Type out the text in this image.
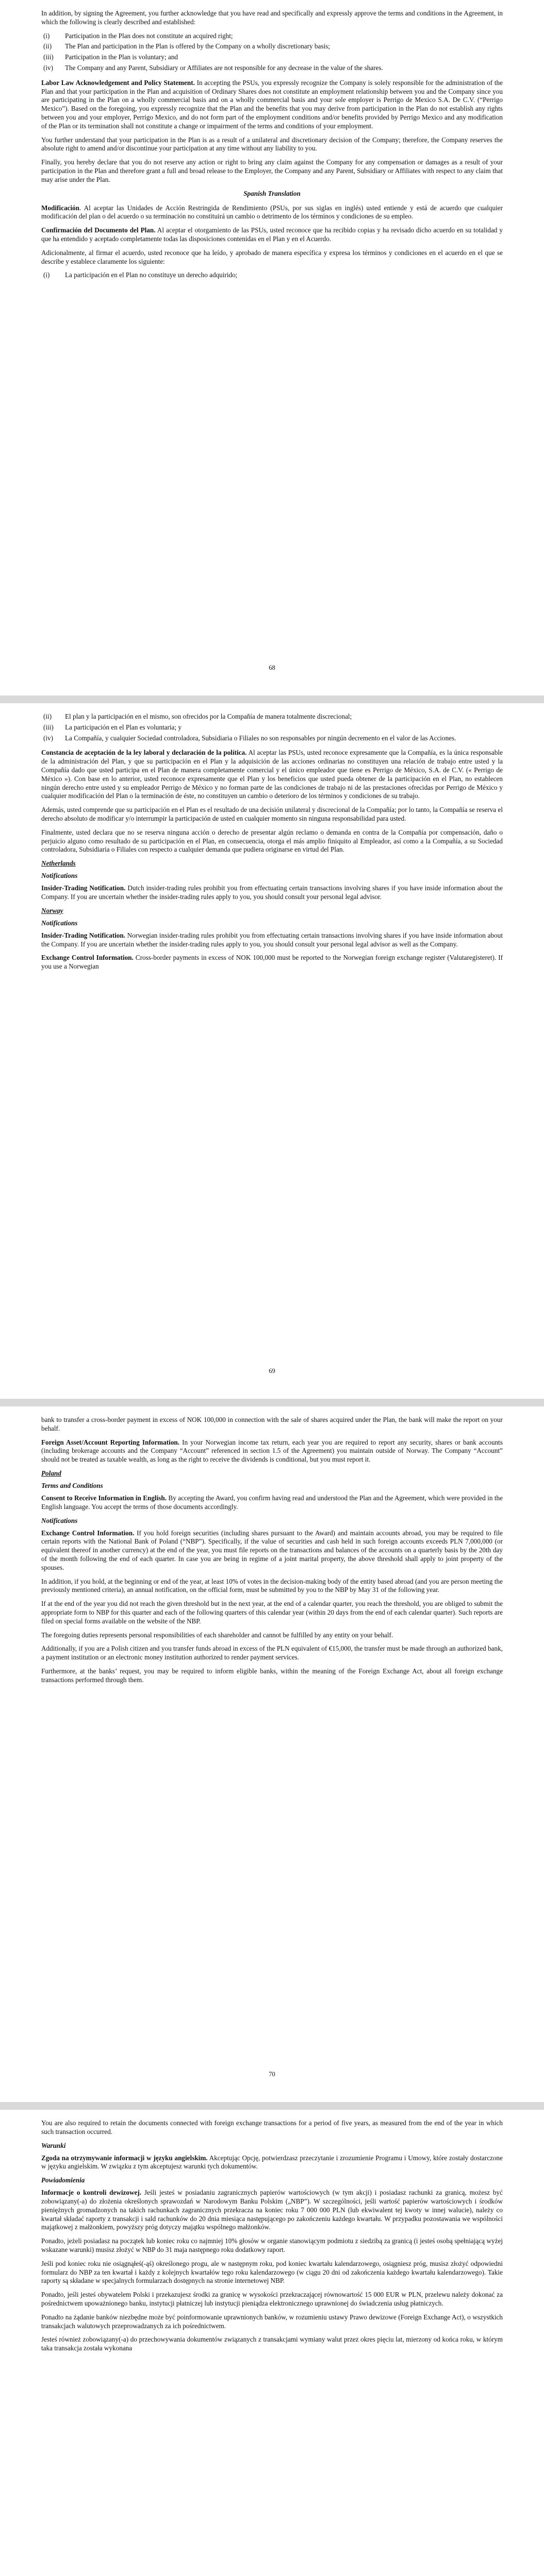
In addition, by signing the Agreement, you further acknowledge that you have read and specifically and expressly approve the terms and conditions in the Agreement, in which the following is clearly described and established:

(i)	Participation in the Plan does not constitute an acquired right;
(ii)	The Plan and participation in the Plan is offered by the Company on a wholly discretionary basis;
(iii)	Participation in the Plan is voluntary; and
(iv)	The Company and any Parent, Subsidiary or Affiliates are not responsible for any decrease in the value of the shares.

Labor Law Acknowledgement and Policy Statement. In accepting the PSUs, you expressly recognize the Company is solely responsible for the administration of the Plan and that your participation in the Plan and acquisition of Ordinary Shares does not constitute an employment relationship between you and the Company since you are participating in the Plan on a wholly commercial basis and on a wholly commercial basis and your sole employer is Perrigo de Mexico S.A. De C.V. (“Perrigo Mexico”). Based on the foregoing, you expressly recognize that the Plan and the benefits that you may derive from participation in the Plan do not establish any rights between you and your employer, Perrigo Mexico, and do not form part of the employment conditions and/or benefits provided by Perrigo Mexico and any modification of the Plan or its termination shall not constitute a change or impairment of the terms and conditions of your employment.

You further understand that your participation in the Plan is as a result of a unilateral and discretionary decision of the Company; therefore, the Company reserves the absolute right to amend and/or discontinue your participation at any time without any liability to you.

Finally, you hereby declare that you do not reserve any action or right to bring any claim against the Company for any compensation or damages as a result of your participation in the Plan and therefore grant a full and broad release to the Employer, the Company and any Parent, Subsidiary or Affiliates with respect to any claim that may arise under the Plan.

Spanish Translation

Modificación. Al aceptar las Unidades de Acción Restringida de Rendimiento (PSUs, por sus siglas en inglés) usted entiende y está de acuerdo que cualquier modificación del plan o del acuerdo o su terminación no constituirá un cambio o detrimento de los términos y condiciones de su empleo.

Confirmación del Documento del Plan. Al aceptar el otorgamiento de las PSUs, usted reconoce que ha recibido copias y ha revisado dicho acuerdo en su totalidad y que ha entendido y aceptado completamente todas las disposiciones contenidas en el Plan y en el Acuerdo.

Adicionalmente, al firmar el acuerdo, usted reconoce que ha leído, y aprobado de manera específica y expresa los términos y condiciones en el acuerdo en el que se describe y establece claramente los siguiente:

(i)	La participación en el Plan no constituye un derecho adquirido;
68
(ii)	El plan y la participación en el mismo, son ofrecidos por la Compañía de manera totalmente discrecional;
(iii)	La participación en el Plan es voluntaria; y
(iv)	La Compañía, y cualquier Sociedad controladora, Subsidiaria o Filiales no son responsables por ningún decremento en el valor de las Acciones.

Constancia de aceptación de la ley laboral y declaración de la política. Al aceptar las PSUs, usted reconoce expresamente que la Compañía, es la única responsable de la administración del Plan, y que su participación en el Plan y la adquisición de las acciones ordinarias no constituyen una relación de trabajo entre usted y la Compañía dado que usted participa en el Plan de manera completamente comercial y el único empleador que tiene es Perrigo de México, S.A. de C.V. (« Perrigo de México »). Con base en lo anterior, usted reconoce expresamente que el Plan y los beneficios que usted pueda obtener de la participación en el Plan, no establecen ningún derecho entre usted y su empleador Perrigo de México y no forman parte de las condiciones de trabajo ni de las prestaciones ofrecidas por Perrigo de México y cualquier modificación del Plan o la terminación de éste, no constituyen un cambio o deterioro de los términos y condiciones de su trabajo.

Además, usted comprende que su participación en el Plan es el resultado de una decisión unilateral y discrecional de la Compañía; por lo tanto, la Compañía se reserva el derecho absoluto de modificar y/o interrumpir la participación de usted en cualquier momento sin ninguna responsabilidad para usted.

Finalmente, usted declara que no se reserva ninguna acción o derecho de presentar algún reclamo o demanda en contra de la Compañía por compensación, daño o perjuicio alguno como resultado de su participación en el Plan, en consecuencia, otorga el más amplio finiquito al Empleador, así como a la Compañía, a su Sociedad controladora, Subsidiaria o Filiales con respecto a cualquier demanda que pudiera originarse en virtud del Plan.

Netherlands
Notifications

Insider-Trading Notification. Dutch insider-trading rules prohibit you from effectuating certain transactions involving shares if you have inside information about the Company. If you are uncertain whether the insider-trading rules apply to you, you should consult your personal legal advisor.

Norway
Notifications

Insider-Trading Notification. Norwegian insider-trading rules prohibit you from effectuating certain transactions involving shares if you have inside information about the Company. If you are uncertain whether the insider-trading rules apply to you, you should consult your personal legal advisor as well as the Company.

Exchange Control Information. Cross-border payments in excess of NOK 100,000 must be reported to the Norwegian foreign exchange register (Valutaregisteret). If you use a Norwegian

69

bank to transfer a cross-border payment in excess of NOK 100,000 in connection with the sale of shares acquired under the Plan, the bank will make the report on your behalf.

Foreign Asset/Account Reporting Information. In your Norwegian income tax return, each year you are required to report any security, shares or bank accounts (including brokerage accounts and the Company “Account” referenced in section 1.5 of the Agreement) you maintain outside of Norway. The Company “Account” should not be treated as taxable wealth, as long as the right to receive the dividends is conditional, but you must report it.

Poland
Terms and Conditions

Consent to Receive Information in English. By accepting the Award, you confirm having read and understood the Plan and the Agreement, which were provided in the English language. You accept the terms of those documents accordingly.

Notifications

Exchange Control Information. If you hold foreign securities (including shares pursuant to the Award) and maintain accounts abroad, you may be required to file certain reports with the National Bank of Poland (“NBP”). Specifically, if the value of securities and cash held in such foreign accounts exceeds PLN 7,000,000 (or equivalent thereof in another currency) at the end of the year, you must file reports on the transactions and balances of the accounts on a quarterly basis by the 20th day of the month following the end of each quarter. In case you are being in regime of a joint marital property, the above threshold shall apply to joint property of the spouses.

In addition, if you hold, at the beginning or end of the year, at least 10% of votes in the decision-making body of the entity based abroad (and you are person meeting the previously mentioned criteria), an annual notification, on the official form, must be submitted by you to the NBP by May 31 of the following year.

If at the end of the year you did not reach the given threshold but in the next year, at the end of a calendar quarter, you reach the threshold, you are obliged to submit the appropriate form to NBP for this quarter and each of the following quarters of this calendar year (within 20 days from the end of each calendar quarter). Such reports are filed on special forms available on the website of the NBP.

The foregoing duties represents personal responsibilities of each shareholder and cannot be fulfilled by any entity on your behalf.

Additionally, if you are a Polish citizen and you transfer funds abroad in excess of the PLN equivalent of €15,000, the transfer must be made through an authorized bank, a payment institution or an electronic money institution authorized to render payment services.

Furthermore, at the banks’ request, you may be required to inform eligible banks, within the meaning of the Foreign Exchange Act, about all foreign exchange transactions performed through them.

70

You are also required to retain the documents connected with foreign exchange transactions for a period of five years, as measured from the end of the year in which such transaction occurred.

Warunki

Zgoda na otrzymywanie informacji w języku angielskim. Akceptując Opcję, potwierdzasz przeczytanie i zrozumienie Programu i Umowy, które zostały dostarczone w języku angielskim. W związku z tym akceptujesz warunki tych dokumentów.

Powiadomienia

Informacje o kontroli dewizowej. Jeśli jesteś w posiadaniu zagranicznych papierów wartościowych (w tym akcji) i posiadasz rachunki za granicą, możesz być zobowiązany(-a) do złożenia określonych sprawozdań w Narodowym Banku Polskim („NBP”). W szczególności, jeśli wartość papierów wartościowych i środków pieniężnych gromadzonych na takich rachunkach zagranicznych przekracza na koniec roku 7 000 000 PLN (lub ekwiwalent tej kwoty w innej walucie), należy co kwartał składać raporty z transakcji i sald rachunków do 20 dnia miesiąca następującego po zakończeniu każdego kwartału. W przypadku pozostawania we wspólności majątkowej z małżonkiem, powyższy próg dotyczy majątku wspólnego małżonków.

Ponadto, jeżeli posiadasz na początek lub koniec roku co najmniej 10% głosów w organie stanowiącym podmiotu z siedzibą za granicą (i jesteś osobą spełniającą wyżej wskazane warunki) musisz złożyć w NBP do 31 maja następnego roku dodatkowy raport.

Jeśli pod koniec roku nie osiągnąłeś(-ąś) określonego progu, ale w następnym roku, pod koniec kwartału kalendarzowego, osiągniesz próg, musisz złożyć odpowiedni formularz do NBP za ten kwartał i każdy z kolejnych kwartałów tego roku kalendarzowego (w ciągu 20 dni od zakończenia każdego kwartału kalendarzowego). Takie raporty są składane w specjalnych formularzach dostępnych na stronie internetowej NBP.

Ponadto, jeśli jesteś obywatelem Polski i przekazujesz środki za granicę w wysokości przekraczającej równowartość 15 000 EUR w PLN, przelewu należy dokonać za pośrednictwem upoważnionego banku, instytucji płatniczej lub instytucji pieniądza elektronicznego uprawnionej do świadczenia usług płatniczych.

Ponadto na żądanie banków niezbędne może być poinformowanie uprawnionych banków, w rozumieniu ustawy Prawo dewizowe (Foreign Exchange Act), o wszystkich transakcjach walutowych przeprowadzanych za ich pośrednictwem.

Jesteś również zobowiązany(-a) do przechowywania dokumentów związanych z transakcjami wymiany walut przez okres pięciu lat, mierzony od końca roku, w którym taka transakcja została wykonana
